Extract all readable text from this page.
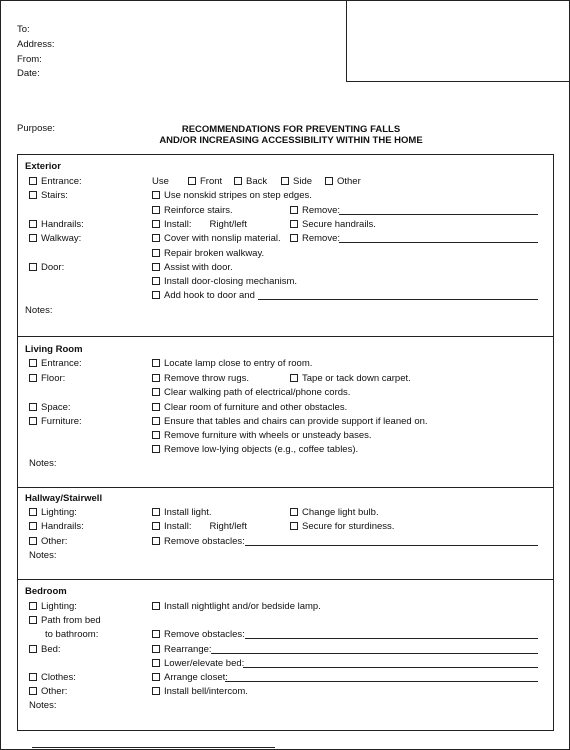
To:
Address:
From:
Date:
Purpose:	RECOMMENDATIONS FOR PREVENTING FALLS
AND/OR INCREASING ACCESSIBILITY WITHIN THE HOME
Exterior
Entrance:	Use	Front	Back	Side	Other
Stairs:	Use nonskid stripes on step edges.
Reinforce stairs.	Remove:
Handrails:	Install: Right/left	Secure handrails.
Walkway:	Cover with nonslip material.	Remove:
Repair broken walkway.
Door:	Assist with door.
Install door-closing mechanism.
Add hook to door and
Notes:
Living Room
Entrance:	Locate lamp close to entry of room.
Floor:	Remove throw rugs.	Tape or tack down carpet.
Clear walking path of electrical/phone cords.
Space:	Clear room of furniture and other obstacles.
Furniture:	Ensure that tables and chairs can provide support if leaned on.
Remove furniture with wheels or unsteady bases.
Remove low-lying objects (e.g., coffee tables).
Notes:
Hallway/Stairwell
Lighting:	Install light.	Change light bulb.
Handrails:	Install: Right/left	Secure for sturdiness.
Other:	Remove obstacles:
Notes:
Bedroom
Lighting:	Install nightlight and/or bedside lamp.
Path from bed
to bathroom:	Remove obstacles:
Bed:	Rearrange:
Lower/elevate bed:
Clothes:	Arrange closet:
Other:	Install bell/intercom.
Notes:
